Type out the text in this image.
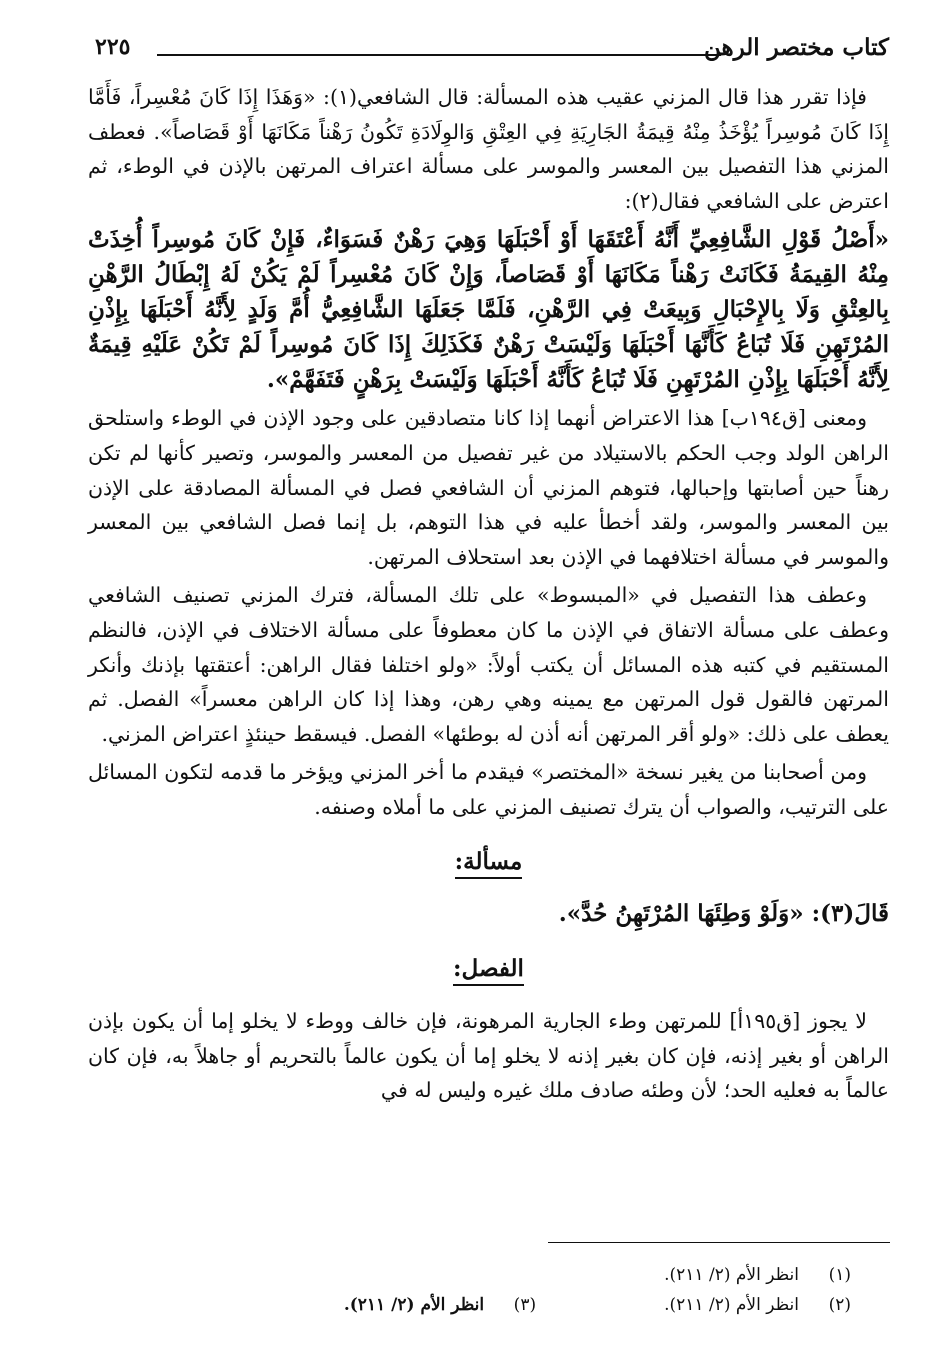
كتاب مختصر الرهن
٢٢٥

فإذا تقرر هذا قال المزني عقيب هذه المسألة: قال الشافعي(١): «وَهَذَا إِذَا كَانَ مُعْسِراً، فَأَمَّا إِذَا كَانَ مُوسِراً يُؤْخَذُ مِنْهُ قِيمَةُ الجَارِيَةِ فِي العِتْقِ وَالوِلَادَةِ تَكُونُ رَهْناً مَكَانَهَا أَوْ قَصَاصاً». فعطف المزني هذا التفصيل بين المعسر والموسر على مسألة اعتراف المرتهن بالإذن في الوطء، ثم اعترض على الشافعي فقال(٢):

«أَصْلُ قَوْلِ الشَّافِعِيِّ أَنَّهُ أَعْتَقَهَا أَوْ أَحْبَلَهَا وَهِيَ رَهْنٌ فَسَوَاءٌ، فَإِنْ كَانَ مُوسِراً أُخِذَتْ مِنْهُ القِيمَةُ فَكَانَتْ رَهْناً مَكَانَهَا أَوْ قَصَاصاً، وَإِنْ كَانَ مُعْسِراً لَمْ يَكُنْ لَهُ إِبْطَالُ الرَّهْنِ بِالعِتْقِ وَلَا بِالإِحْبَالِ وَبِيعَتْ فِي الرَّهْنِ، فَلَمَّا جَعَلَهَا الشَّافِعِيُّ أُمَّ وَلَدٍ لِأَنَّهُ أَحْبَلَهَا بِإِذْنِ المُرْتَهِنِ فَلَا تُبَاعُ كَأَنَّهَا أَحْبَلَهَا وَلَيْسَتْ رَهْنٌ فَكَذَلِكَ إِذَا كَانَ مُوسِراً لَمْ تَكُنْ عَلَيْهِ قِيمَةٌ لِأَنَّهُ أَحْبَلَهَا بِإِذْنِ المُرْتَهِنِ فَلَا تُبَاعُ كَأَنَّهُ أَحْبَلَهَا وَلَيْسَتْ بِرَهْنٍ فَتَفَهَّمْ».

ومعنى [ق١٩٤ب] هذا الاعتراض أنهما إذا كانا متصادقين على وجود الإذن في الوطء واستلحق الراهن الولد وجب الحكم بالاستيلاد من غير تفصيل من المعسر والموسر، وتصير كأنها لم تكن رهناً حين أصابتها وإحبالها، فتوهم المزني أن الشافعي فصل في المسألة المصادقة على الإذن بين المعسر والموسر، ولقد أخطأ عليه في هذا التوهم، بل إنما فصل الشافعي بين المعسر والموسر في مسألة اختلافهما في الإذن بعد استحلاف المرتهن.

وعطف هذا التفصيل في «المبسوط» على تلك المسألة، فترك المزني تصنيف الشافعي وعطف على مسألة الاتفاق في الإذن ما كان معطوفاً على مسألة الاختلاف في الإذن، فالنظم المستقيم في كتبه هذه المسائل أن يكتب أولاً: «ولو اختلفا فقال الراهن: أعتقتها بإذنك وأنكر المرتهن فالقول قول المرتهن مع يمينه وهي رهن، وهذا إذا كان الراهن معسراً» الفصل. ثم يعطف على ذلك: «ولو أقر المرتهن أنه أذن له بوطئها» الفصل. فيسقط حينئذٍ اعتراض المزني.

ومن أصحابنا من يغير نسخة «المختصر» فيقدم ما أخر المزني ويؤخر ما قدمه لتكون المسائل على الترتيب، والصواب أن يترك تصنيف المزني على ما أملاه وصنفه.

مسألة:
قَالَ(٣): «وَلَوْ وَطِئَهَا المُرْتَهِنُ حُدَّ».
الفصل:

لا يجوز [ق١٩٥أ] للمرتهن وطء الجارية المرهونة، فإن خالف ووطء لا يخلو إما أن يكون بإذن الراهن أو بغير إذنه، فإن كان بغير إذنه لا يخلو إما أن يكون عالماً بالتحريم أو جاهلاً به، فإن كان عالماً به فعليه الحد؛ لأن وطئه صادف ملك غيره وليس له في

(١)
انظر الأم (٢/ ٢١١).
(٢)
انظر الأم (٢/ ٢١١).
(٣)
انظر الأم (٢/ ٢١١).
